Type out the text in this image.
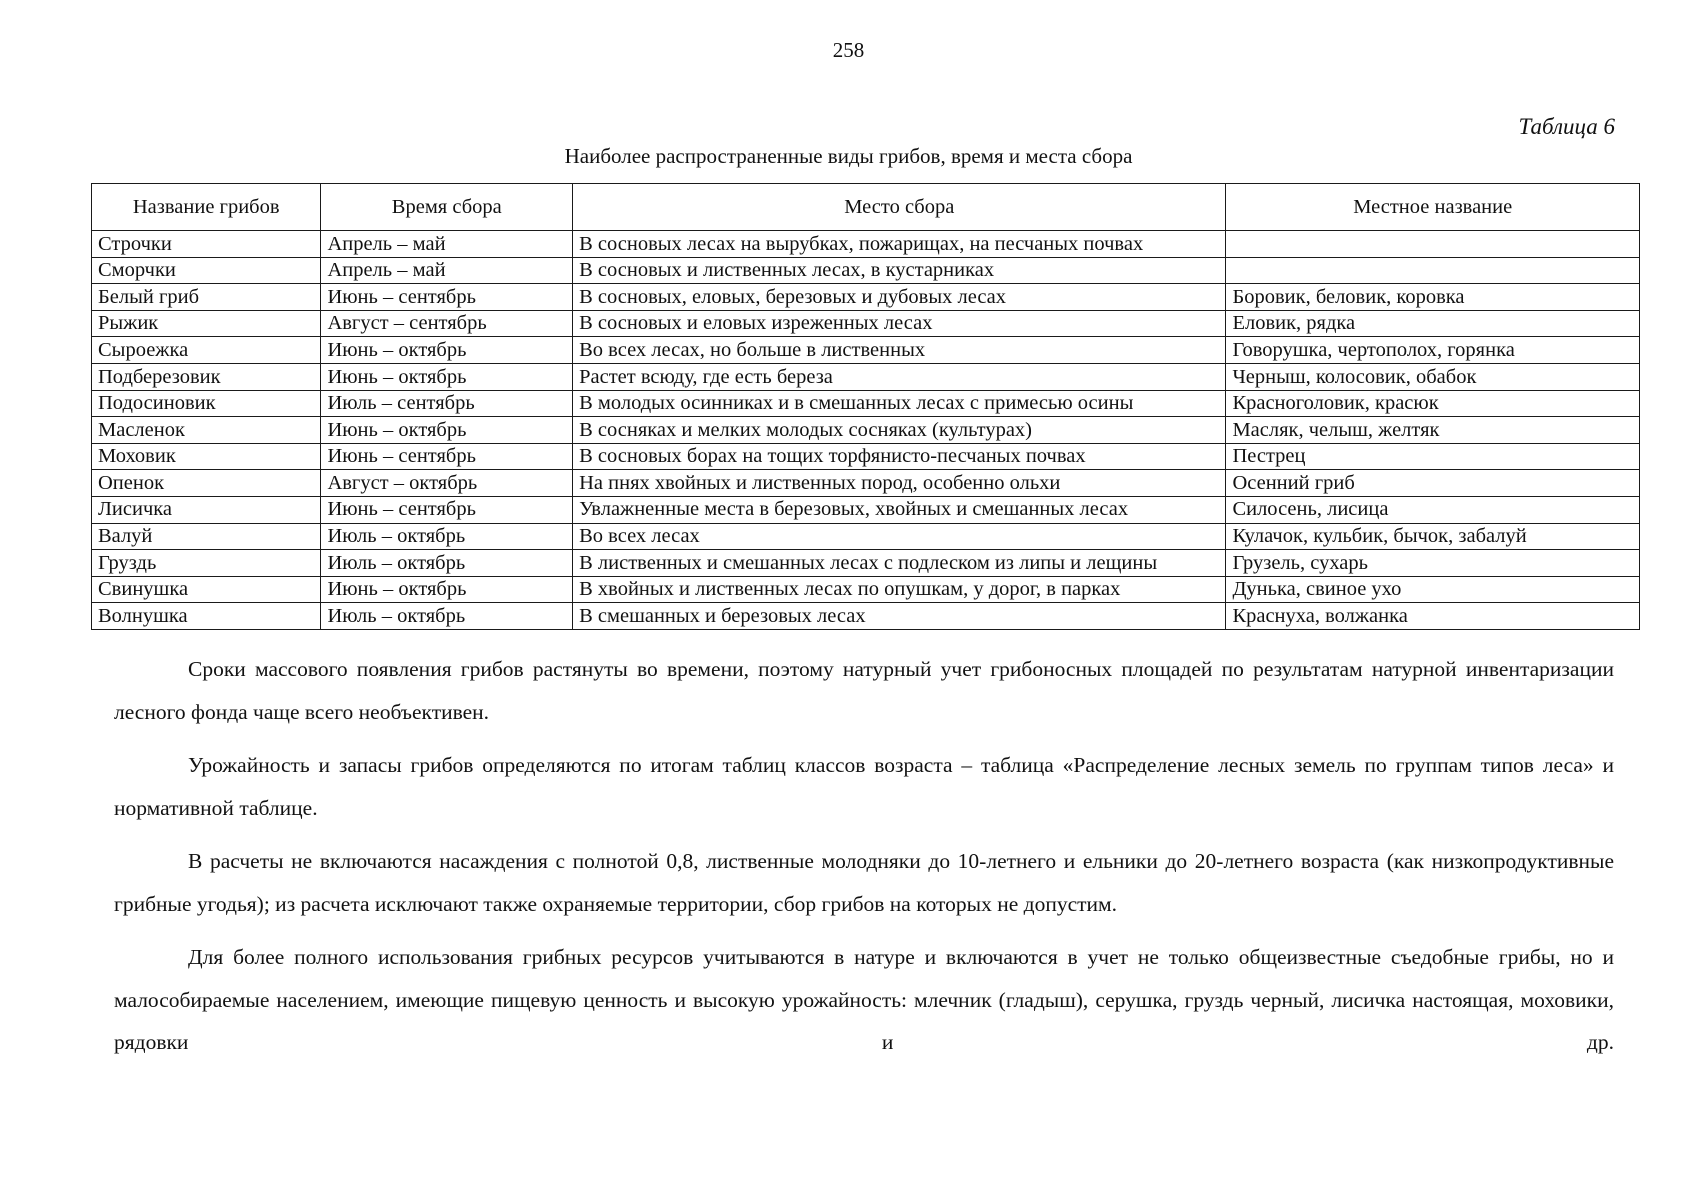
258
Таблица 6
Наиболее распространенные виды грибов, время и места сбора
Название грибов	Время сбора	Место сбора	Местное название
Строчки	Апрель – май	В сосновых лесах на вырубках, пожарищах, на песчаных почвах	
Сморчки	Апрель – май	В сосновых и лиственных лесах, в кустарниках	
Белый гриб	Июнь – сентябрь	В сосновых, еловых, березовых и дубовых лесах	Боровик, беловик, коровка
Рыжик	Август – сентябрь	В сосновых и еловых изреженных лесах	Еловик, рядка
Сыроежка	Июнь – октябрь	Во всех лесах, но больше в лиственных	Говорушка, чертополох, горянка
Подберезовик	Июнь – октябрь	Растет всюду, где есть береза	Черныш, колосовик, обабок
Подосиновик	Июль – сентябрь	В молодых осинниках и в смешанных лесах с примесью осины	Красноголовик, красюк
Масленок	Июнь – октябрь	В сосняках и мелких молодых сосняках (культурах)	Масляк, челыш, желтяк
Моховик	Июнь – сентябрь	В сосновых борах на тощих торфянисто-песчаных почвах	Пестрец
Опенок	Август – октябрь	На пнях хвойных и лиственных пород, особенно ольхи	Осенний гриб
Лисичка	Июнь – сентябрь	Увлажненные места в березовых, хвойных и смешанных лесах	Силосень, лисица
Валуй	Июль – октябрь	Во всех лесах	Кулачок, кульбик, бычок, забалуй
Груздь	Июль – октябрь	В лиственных и смешанных лесах с подлеском из липы и лещины	Грузель, сухарь
Свинушка	Июнь – октябрь	В хвойных и лиственных лесах по опушкам, у дорог, в парках	Дунька, свиное ухо
Волнушка	Июль – октябрь	В смешанных и березовых лесах	Краснуха, волжанка

Сроки массового появления грибов растянуты во времени, поэтому натурный учет грибоносных площадей по результатам натурной инвентаризации лесного фонда чаще всего необъективен.

Урожайность и запасы грибов определяются по итогам таблиц классов возраста – таблица «Распределение лесных земель по группам типов леса» и нормативной таблице.

В расчеты не включаются насаждения с полнотой 0,8, лиственные молодняки до 10-летнего и ельники до 20-летнего возраста (как низкопродуктивные грибные угодья); из расчета исключают также охраняемые территории, сбор грибов на которых не допустим.

Для более полного использования грибных ресурсов учитываются в натуре и включаются в учет не только общеизвестные съедобные грибы, но и малособираемые населением, имеющие пищевую ценность и высокую урожайность: млечник (гладыш), серушка, груздь черный, лисичка настоящая, моховики, рядовки и др.
